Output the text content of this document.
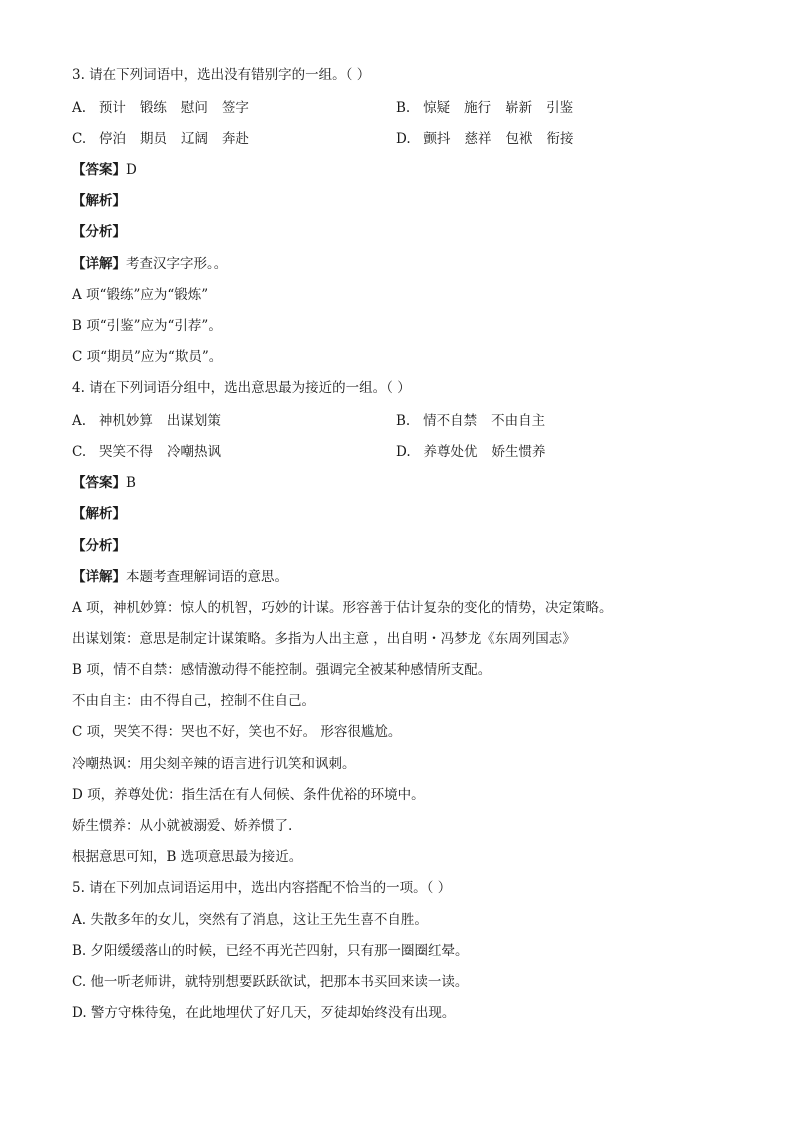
3. 请在下列词语中，选出没有错别字的一组。（ ）
A. 预计 锻练 慰问 签字	B. 惊疑 施行 崭新 引鉴
C. 停泊 期员 辽阔 奔赴	D. 颤抖 慈祥 包袱 衔接
【答案】D
【解析】
【分析】
【详解】考查汉字字形。。
A 项“锻练”应为“锻炼”
B 项“引鉴”应为“引荐”。
C 项“期员”应为“欺员”。
4. 请在下列词语分组中，选出意思最为接近的一组。（ ）
A. 神机妙算 出谋划策	B. 情不自禁 不由自主
C. 哭笑不得 冷嘲热讽	D. 养尊处优 娇生惯养
【答案】B
【解析】
【分析】
【详解】本题考查理解词语的意思。
A 项，神机妙算：惊人的机智，巧妙的计谋。形容善于估计复杂的变化的情势，决定策略。
出谋划策：意思是制定计谋策略。多指为人出主意 ，出自明・冯梦龙《东周列国志》
B 项，情不自禁：感情激动得不能控制。强调完全被某种感情所支配。
不由自主：由不得自己，控制不住自己。
C 项，哭笑不得：哭也不好，笑也不好。 形容很尴尬。
冷嘲热讽：用尖刻辛辣的语言进行讥笑和讽刺。
D 项，养尊处优：指生活在有人伺候、条件优裕的环境中。
娇生惯养：从小就被溺爱、娇养惯了.
根据意思可知，B 选项意思最为接近。
5. 请在下列加点词语运用中，选出内容搭配不恰当的一项。（ ）
A. 失散多年的女儿，突然有了消息，这让王先生喜不自胜。
B. 夕阳缓缓落山的时候，已经不再光芒四射，只有那一圈圈红晕。
C. 他一听老师讲，就特别想要跃跃欲试，把那本书买回来读一读。
D. 警方守株待兔，在此地埋伏了好几天，歹徒却始终没有出现。
